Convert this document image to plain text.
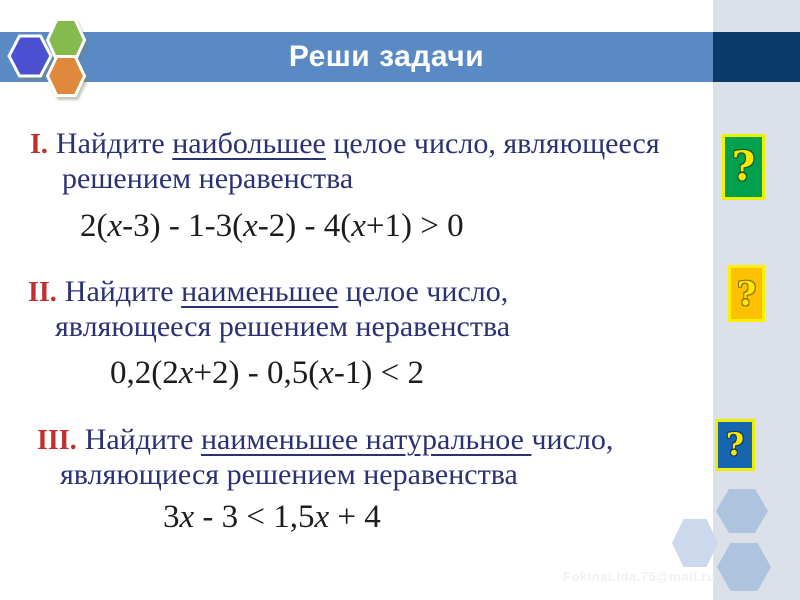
Реши задачи
I. Найдите наибольшее целое число, являющееся
решением неравенства
2(x-3) - 1-3(x-2) - 4(x+1) > 0
II. Найдите наименьшее целое число,
являющееся решением неравенства
0,2(2x+2) - 0,5(x-1) < 2
III. Найдите наименьшее натуральное число,
являющиеся решением неравенства
3x - 3 < 1,5x + 4
?
?
?
FokinaLida.75@mail.ru
